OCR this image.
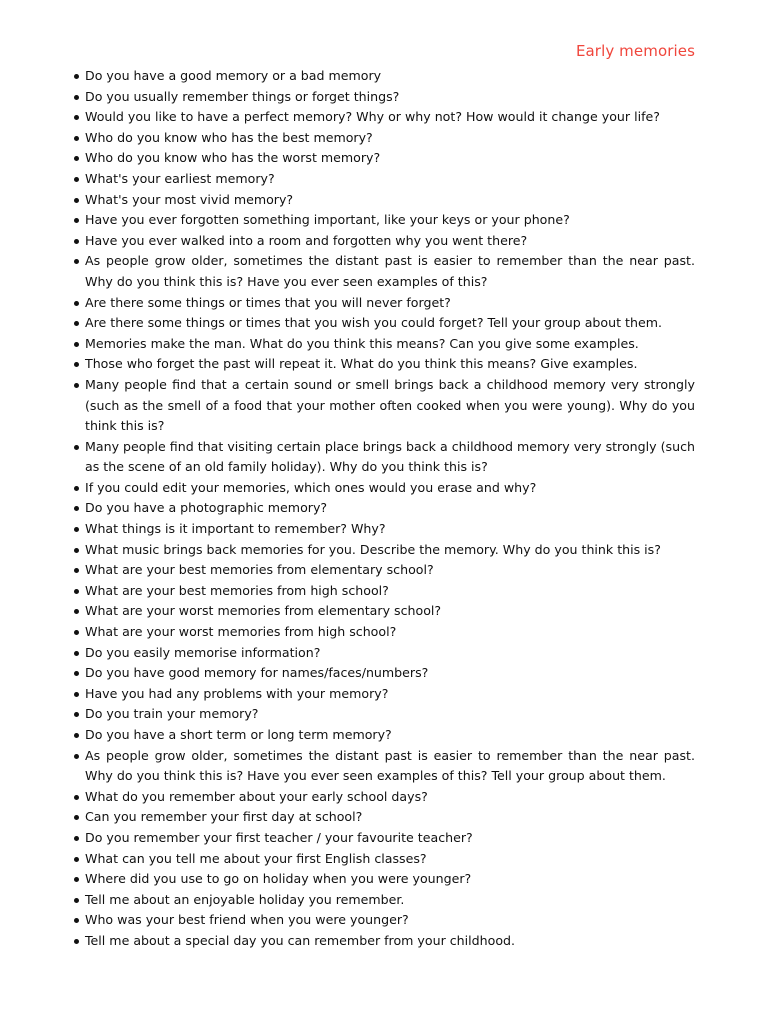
Early memories
Do you have a good memory or a bad memory
Do you usually remember things or forget things?
Would you like to have a perfect memory? Why or why not? How would it change your life?
Who do you know who has the best memory?
Who do you know who has the worst memory?
What's your earliest memory?
What's your most vivid memory?
Have you ever forgotten something important, like your keys or your phone?
Have you ever walked into a room and forgotten why you went there?
As people grow older, sometimes the distant past is easier to remember than the near past. Why do you think this is? Have you ever seen examples of this?
Are there some things or times that you will never forget?
Are there some things or times that you wish you could forget? Tell your group about them.
Memories make the man. What do you think this means? Can you give some examples.
Those who forget the past will repeat it. What do you think this means? Give examples.
Many people find that a certain sound or smell brings back a childhood memory very strongly (such as the smell of a food that your mother often cooked when you were young). Why do you think this is?
Many people find that visiting certain place brings back a childhood memory very strongly (such as the scene of an old family holiday). Why do you think this is?
If you could edit your memories, which ones would you erase and why?
Do you have a photographic memory?
What things is it important to remember? Why?
What music brings back memories for you. Describe the memory. Why do you think this is?
What are your best memories from elementary school?
What are your best memories from high school?
What are your worst memories from elementary school?
What are your worst memories from high school?
Do you easily memorise information?
Do you have good memory for names/faces/numbers?
Have you had any problems with your memory?
Do you train your memory?
Do you have a short term or long term memory?
As people grow older, sometimes the distant past is easier to remember than the near past. Why do you think this is? Have you ever seen examples of this? Tell your group about them.
What do you remember about your early school days?
Can you remember your first day at school?
Do you remember your first teacher / your favourite teacher?
What can you tell me about your first English classes?
Where did you use to go on holiday when you were younger?
Tell me about an enjoyable holiday you remember.
Who was your best friend when you were younger?
Tell me about a special day you can remember from your childhood.
